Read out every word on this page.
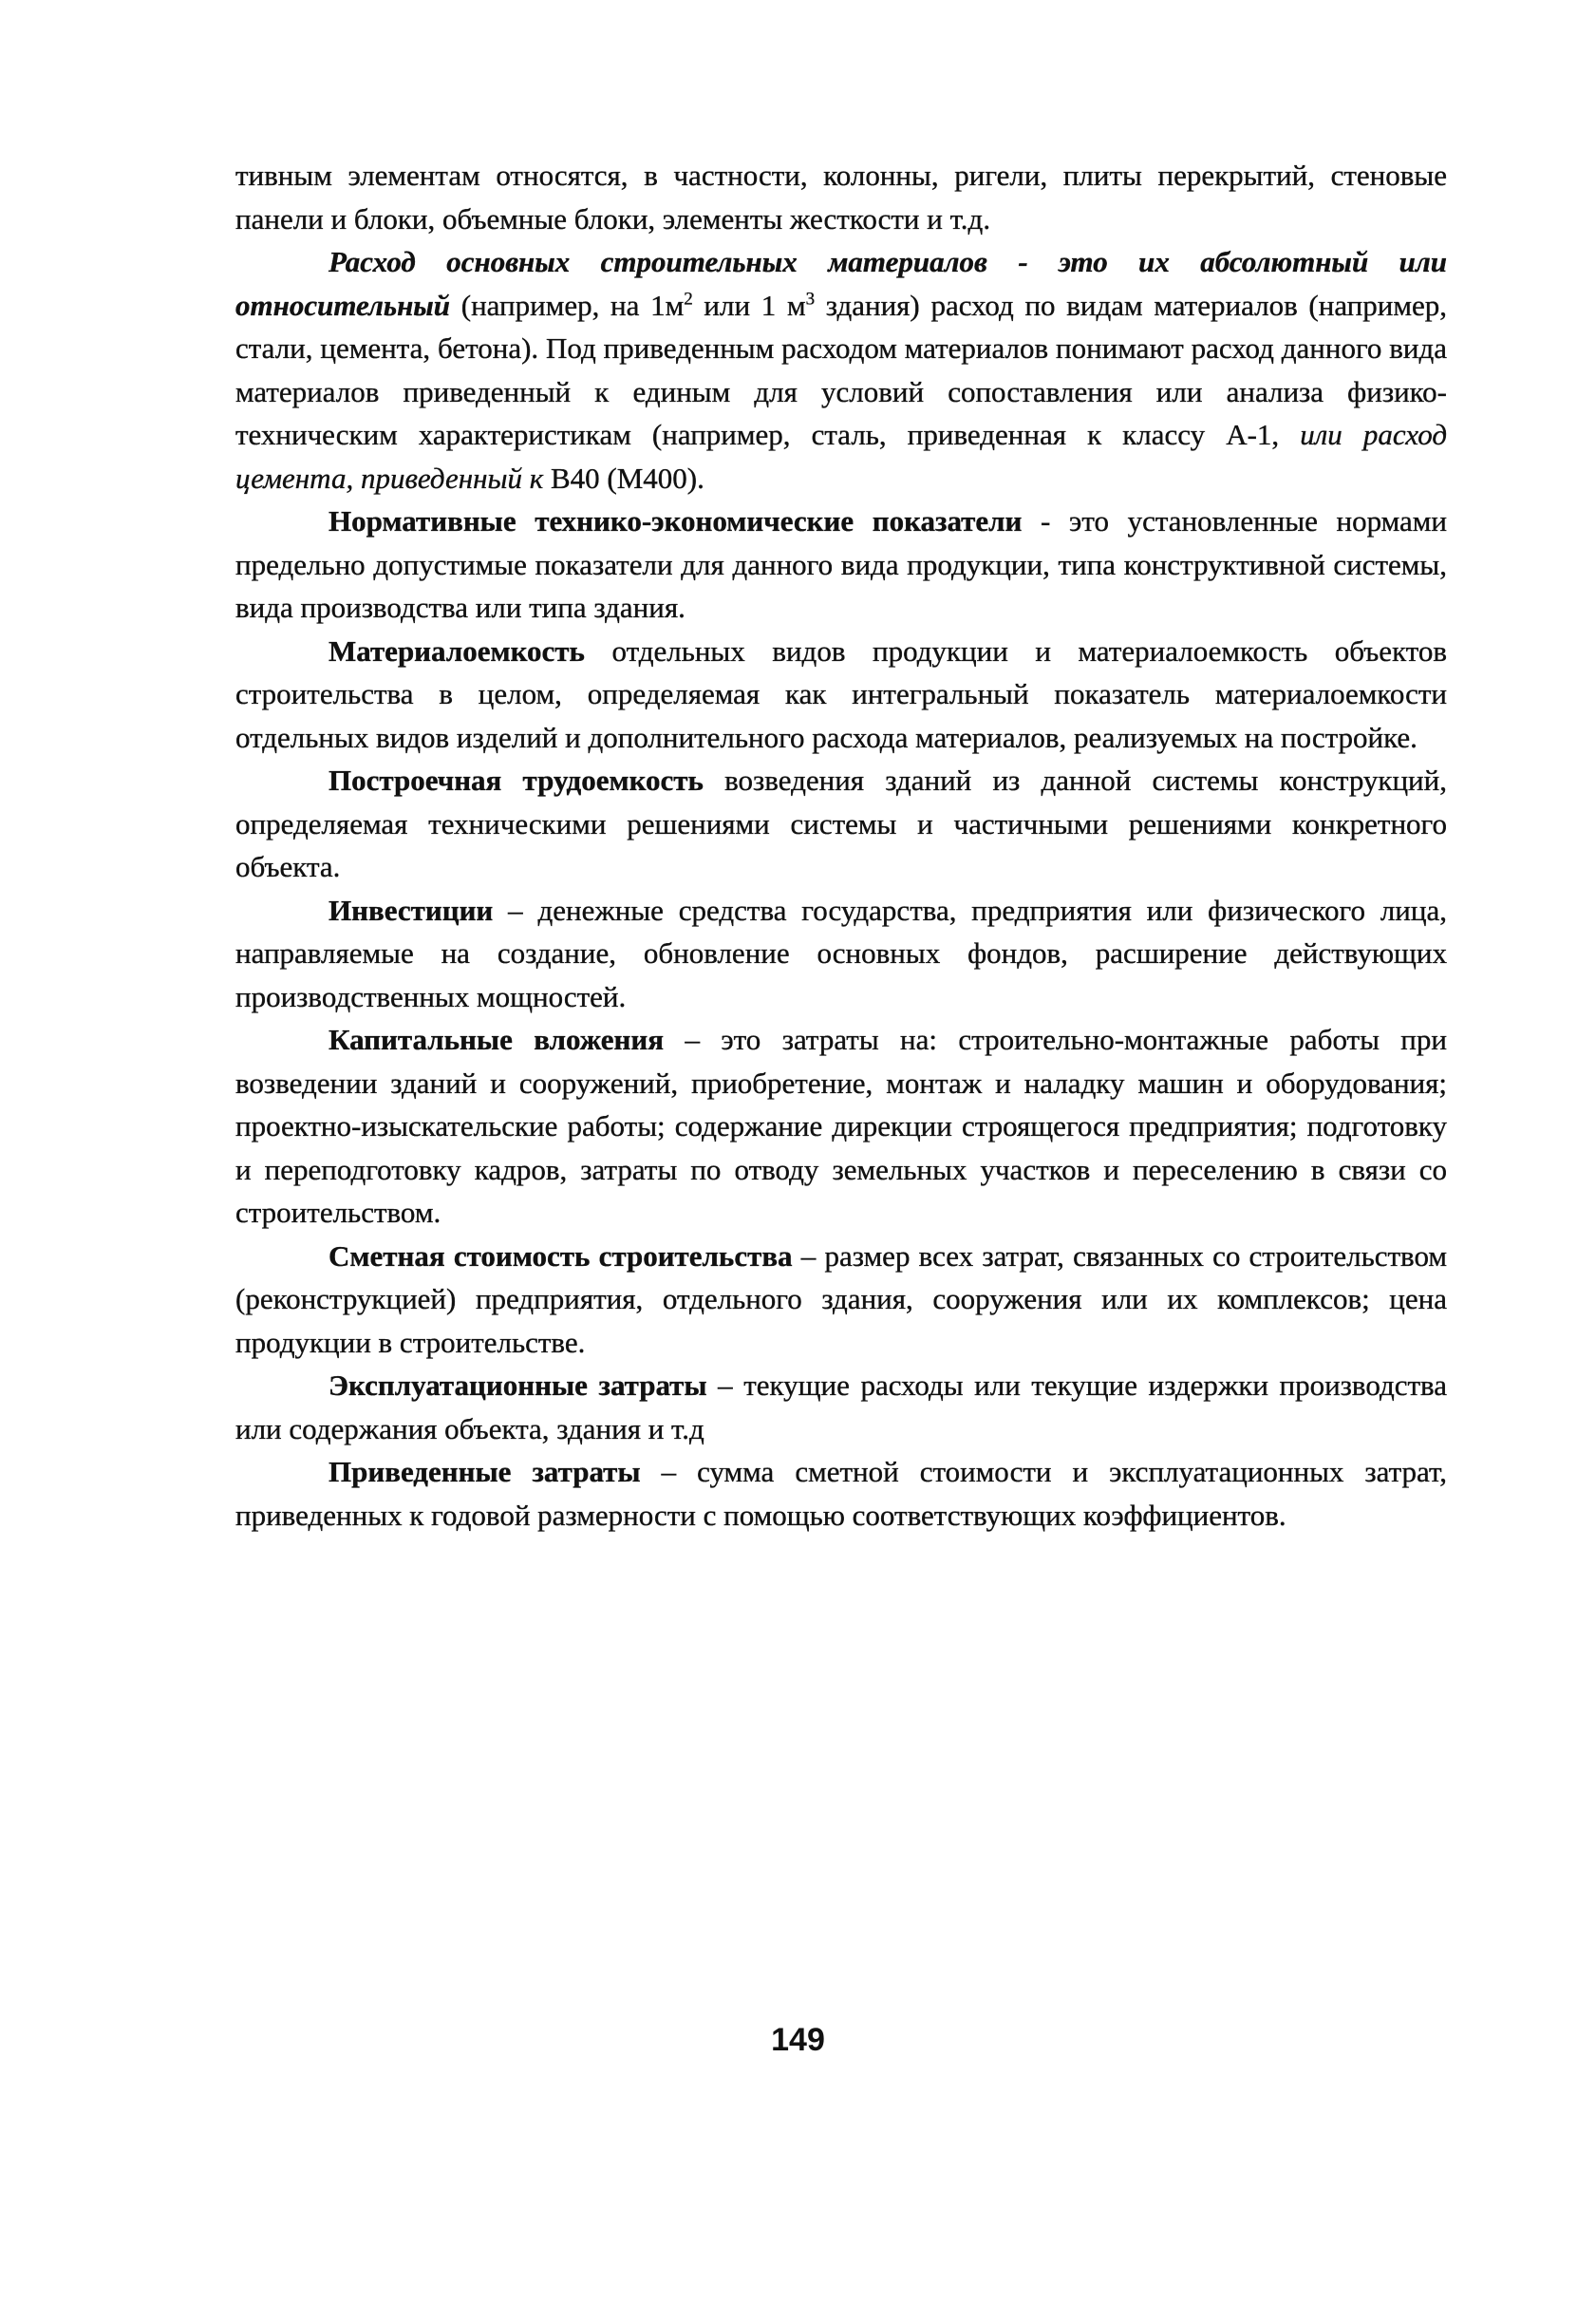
тивным элементам относятся, в частности, колонны, ригели, плиты перекрытий, стеновые панели и блоки, объемные блоки, элементы жесткости и т.д.

Расход основных строительных материалов - это их абсолютный или относительный (например, на $1м^2$ или 1 $м^3$ здания) расход по видам материалов (например, стали, цемента, бетона). Под приведенным расходом материалов понимают расход данного вида материалов приведенный к единым для условий сопоставления или анализа физико-техническим характеристикам (например, сталь, приведенная к классу А-1, или расход цемента, приведенный к В40 (М400).

Нормативные технико-экономические показатели - это установленные нормами предельно допустимые показатели для данного вида продукции, типа конструктивной системы, вида производства или типа здания.

Материалоемкость отдельных видов продукции и материалоемкость объектов строительства в целом, определяемая как интегральный показатель материалоемкости отдельных видов изделий и дополнительного расхода материалов, реализуемых на постройке.

Построечная трудоемкость возведения зданий из данной системы конструкций, определяемая техническими решениями системы и частичными решениями конкретного объекта.

Инвестиции – денежные средства государства, предприятия или физического лица, направляемые на создание, обновление основных фондов, расширение действующих производственных мощностей.

Капитальные вложения – это затраты на: строительно-монтажные работы при возведении зданий и сооружений, приобретение, монтаж и наладку машин и оборудования; проектно-изыскательские работы; содержание дирекции строящегося предприятия; подготовку и переподготовку кадров, затраты по отводу земельных участков и переселению в связи со строительством.

Сметная стоимость строительства – размер всех затрат, связанных со строительством (реконструкцией) предприятия, отдельного здания, сооружения или их комплексов; цена продукции в строительстве.

Эксплуатационные затраты – текущие расходы или текущие издержки производства или содержания объекта, здания и т.д

Приведенные затраты – сумма сметной стоимости и эксплуатационных затрат, приведенных к годовой размерности с помощью соответствующих коэффициентов.

149
